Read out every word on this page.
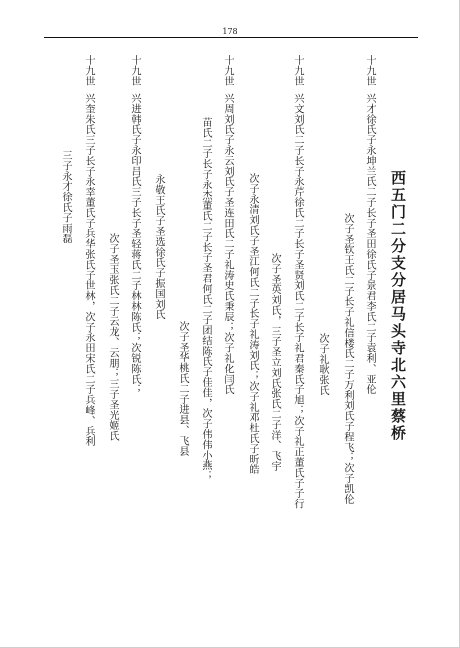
178
西五门二分支分居马头寺北六里蔡桥
十九世
兴才徐氏子永坤兰氏二子长子圣田徐氏子景君李氏二子袁利、亚伦
次子圣钦王氏二子长子礼信楼氏二子万利刘氏子程飞；次子凯伦
次子礼耿张氏
十九世
兴文刘氏二子长子永芹徐氏二子长子圣贤刘氏二子长子礼君秦氏子旭；次子礼正董氏子子行
次子圣英刘氏，三子圣立刘氏张氏二子洋、飞宇
次子永清刘氏子圣江何氏二子长子礼涛刘氏；次子礼邓杜氏子昕皓
十九世
兴周刘氏子永云刘氏子圣连田氏二子礼涛史氏秉辰；次子礼化闫氏
苗氏二子长子永杰董氏二子长子圣君何氏二子团结陈氏子佳佳，次子伟伟小燕；
次子圣华桃氏二子进县、飞县
永敬王氏子圣选徐氏子振国刘氏
十九世
兴进韩氏子永印吕氏三子长子圣轻蒋氏二子林林陈氏；次锐陈氏；
次子圣玉张氏二子云龙、云朋；三子圣光姬氏
十九世
兴奎朱氏三子长子永幸董氏子兵华张氏子世林，次子永田宋氏二子兵峰、兵利
三子永才徐氏子雨磊
